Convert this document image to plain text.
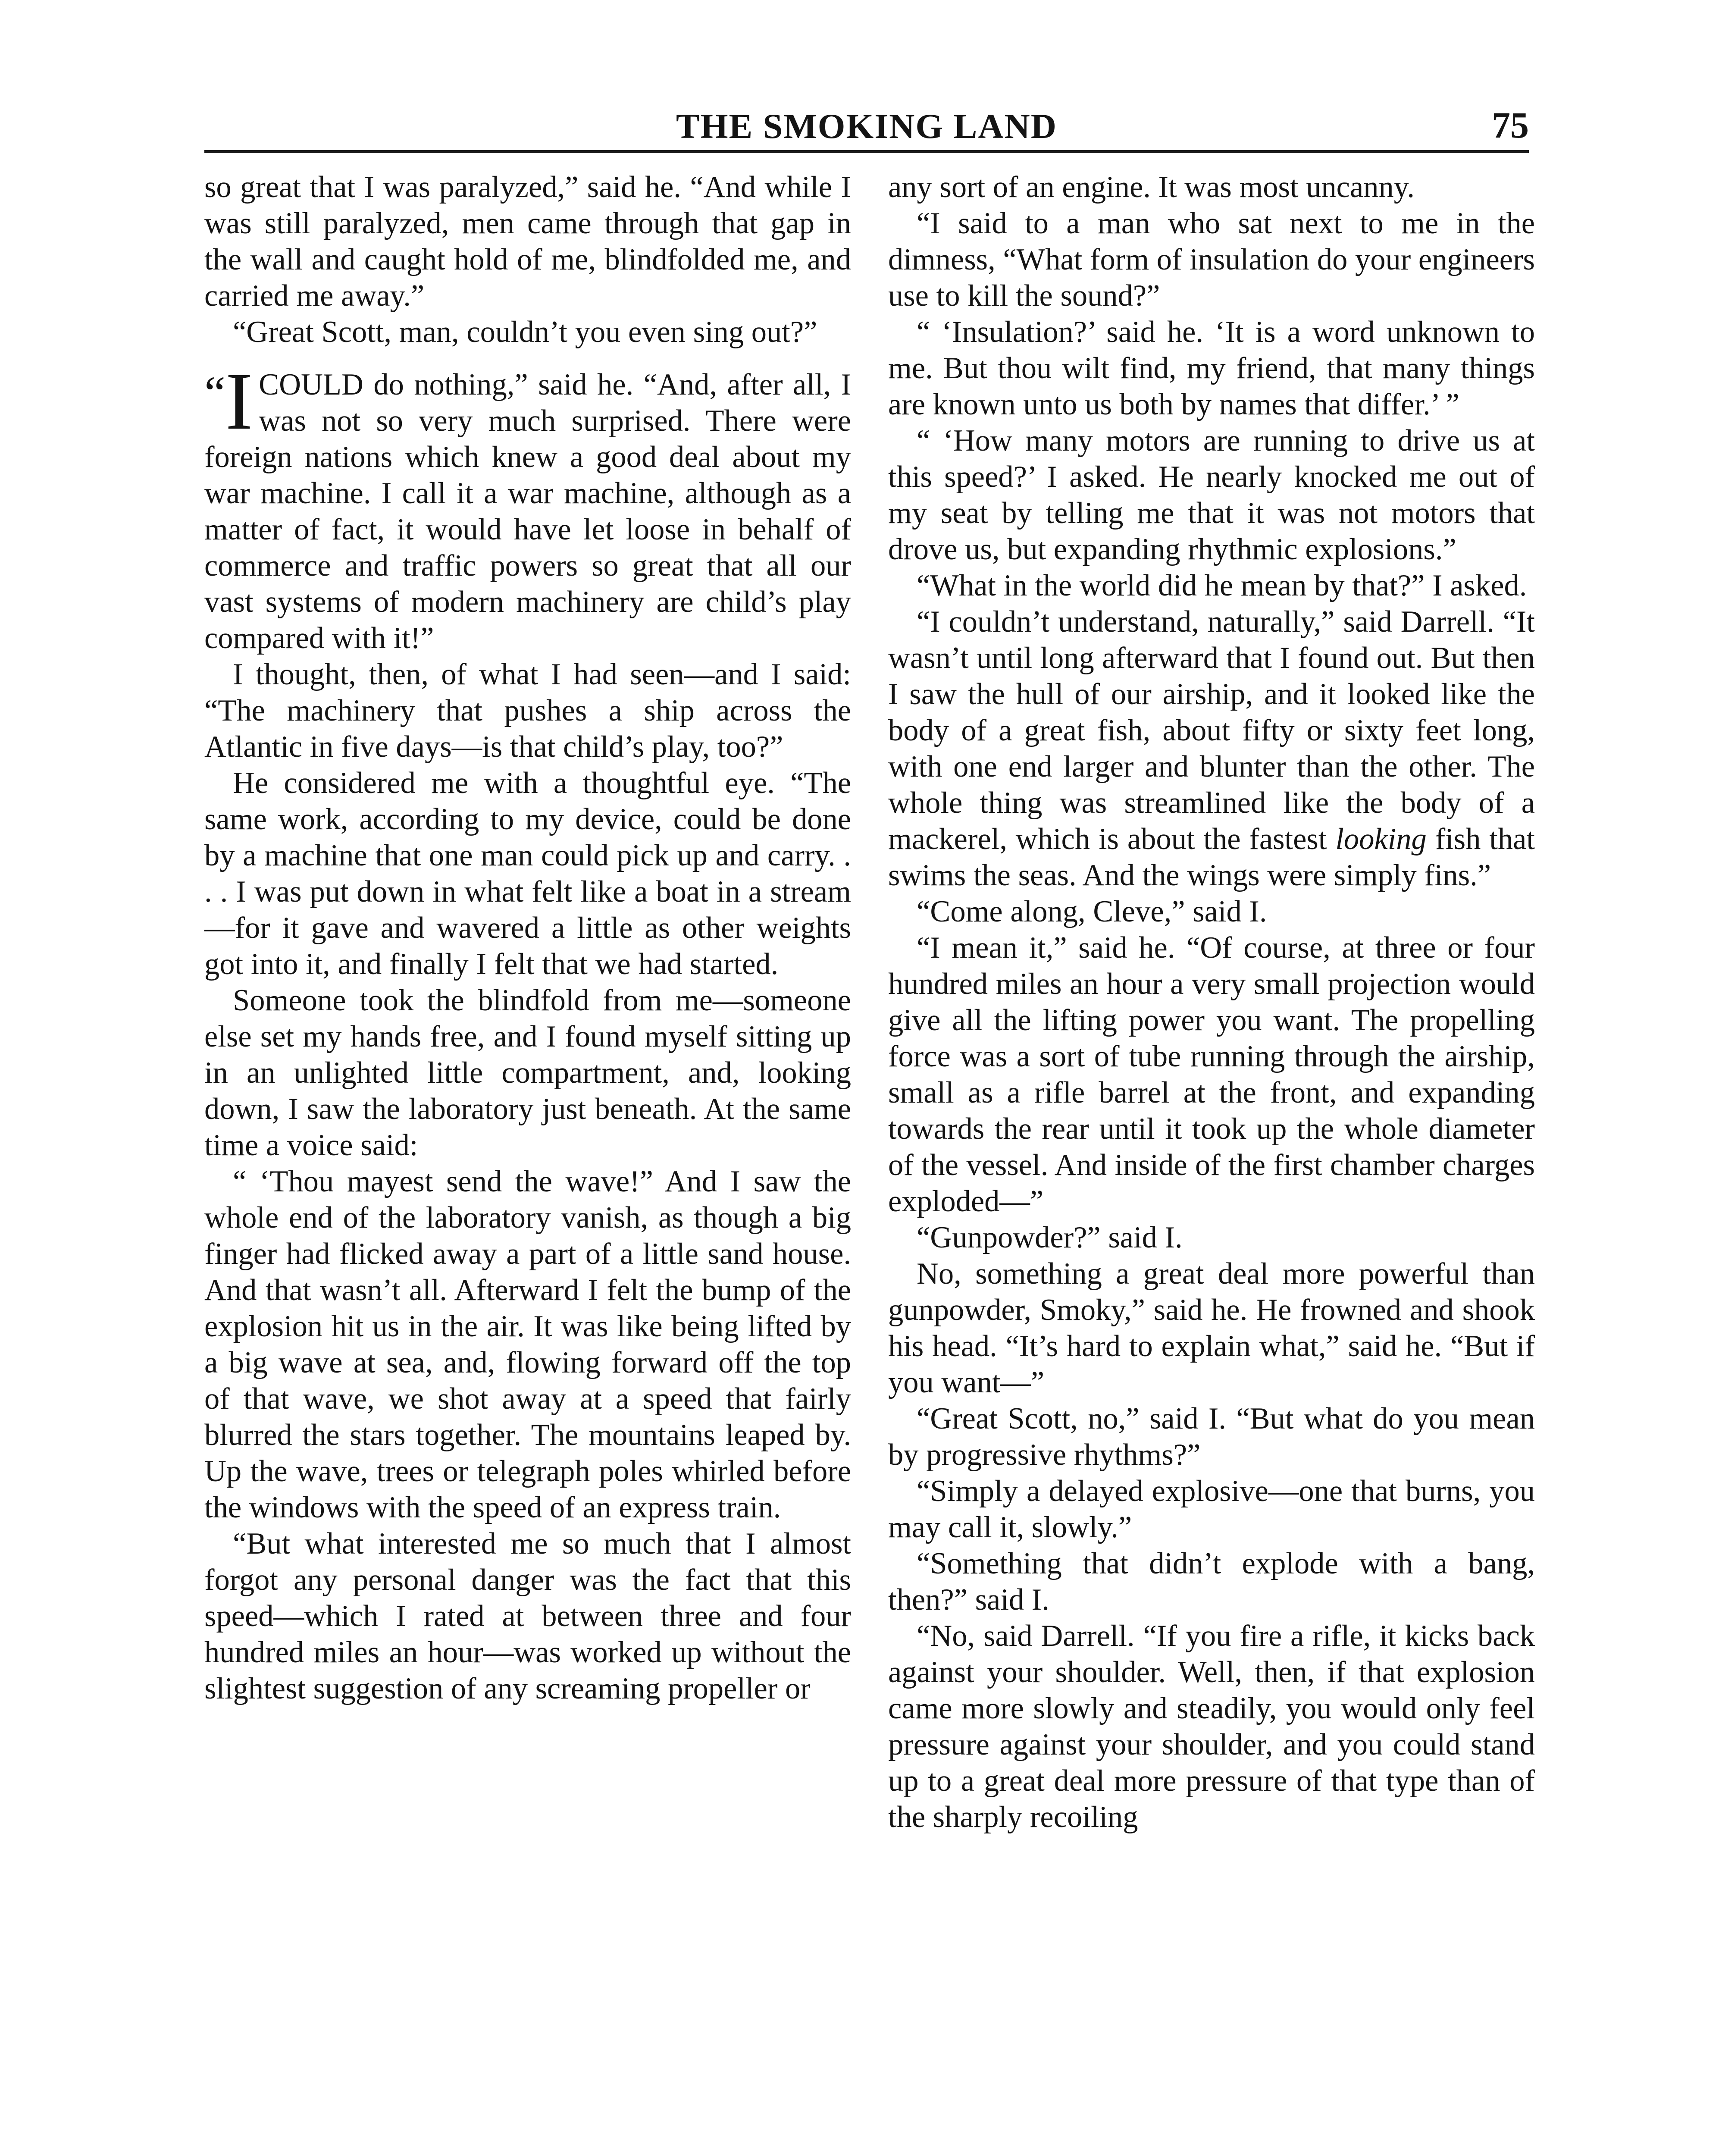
THE SMOKING LAND	75

so great that I was paralyzed,” said he. “And while I was still paralyzed, men came through that gap in the wall and caught hold of me, blindfolded me, and carried me away.”

“Great Scott, man, couldn’t you even sing out?”

“I COULD do nothing,” said he. “And, after all, I was not so very much surprised. There were foreign nations which knew a good deal about my war machine. I call it a war machine, although as a matter of fact, it would have let loose in behalf of commerce and traffic powers so great that all our vast systems of modern machinery are child’s play compared with it!”

I thought, then, of what I had seen—and I said: “The machinery that pushes a ship across the Atlantic in five days—is that child’s play, too?”

He considered me with a thoughtful eye. “The same work, according to my device, could be done by a machine that one man could pick up and carry. . . . I was put down in what felt like a boat in a stream—for it gave and wavered a little as other weights got into it, and finally I felt that we had started.

Someone took the blindfold from me—someone else set my hands free, and I found myself sitting up in an unlighted little compartment, and, looking down, I saw the laboratory just beneath. At the same time a voice said:

“ ‘Thou mayest send the wave!” And I saw the whole end of the laboratory vanish, as though a big finger had flicked away a part of a little sand house. And that wasn’t all. Afterward I felt the bump of the explosion hit us in the air. It was like being lifted by a big wave at sea, and, flowing forward off the top of that wave, we shot away at a speed that fairly blurred the stars together. The mountains leaped by. Up the wave, trees or telegraph poles whirled before the windows with the speed of an express train.

“But what interested me so much that I almost forgot any personal danger was the fact that this speed—which I rated at between three and four hundred miles an hour—was worked up without the slightest suggestion of any screaming propeller or

any sort of an engine. It was most uncanny.

“I said to a man who sat next to me in the dimness, “What form of insulation do your engineers use to kill the sound?”

“ ‘Insulation?’ said he. ‘It is a word unknown to me. But thou wilt find, my friend, that many things are known unto us both by names that differ.’ ”

“ ‘How many motors are running to drive us at this speed?’ I asked. He nearly knocked me out of my seat by telling me that it was not motors that drove us, but expanding rhythmic explosions.”

“What in the world did he mean by that?” I asked.

“I couldn’t understand, naturally,” said Darrell. “It wasn’t until long afterward that I found out. But then I saw the hull of our airship, and it looked like the body of a great fish, about fifty or sixty feet long, with one end larger and blunter than the other. The whole thing was streamlined like the body of a mackerel, which is about the fastest looking fish that swims the seas. And the wings were simply fins.”

“Come along, Cleve,” said I.

“I mean it,” said he. “Of course, at three or four hundred miles an hour a very small projection would give all the lifting power you want. The propelling force was a sort of tube running through the airship, small as a rifle barrel at the front, and expanding towards the rear until it took up the whole diameter of the vessel. And inside of the first chamber charges exploded—”

“Gunpowder?” said I.

No, something a great deal more powerful than gunpowder, Smoky,” said he. He frowned and shook his head. “It’s hard to explain what,” said he. “But if you want—”

“Great Scott, no,” said I. “But what do you mean by progressive rhythms?”

“Simply a delayed explosive—one that burns, you may call it, slowly.”

“Something that didn’t explode with a bang, then?” said I.

“No, said Darrell. “If you fire a rifle, it kicks back against your shoulder. Well, then, if that explosion came more slowly and steadily, you would only feel pressure against your shoulder, and you could stand up to a great deal more pressure of that type than of the sharply recoiling
